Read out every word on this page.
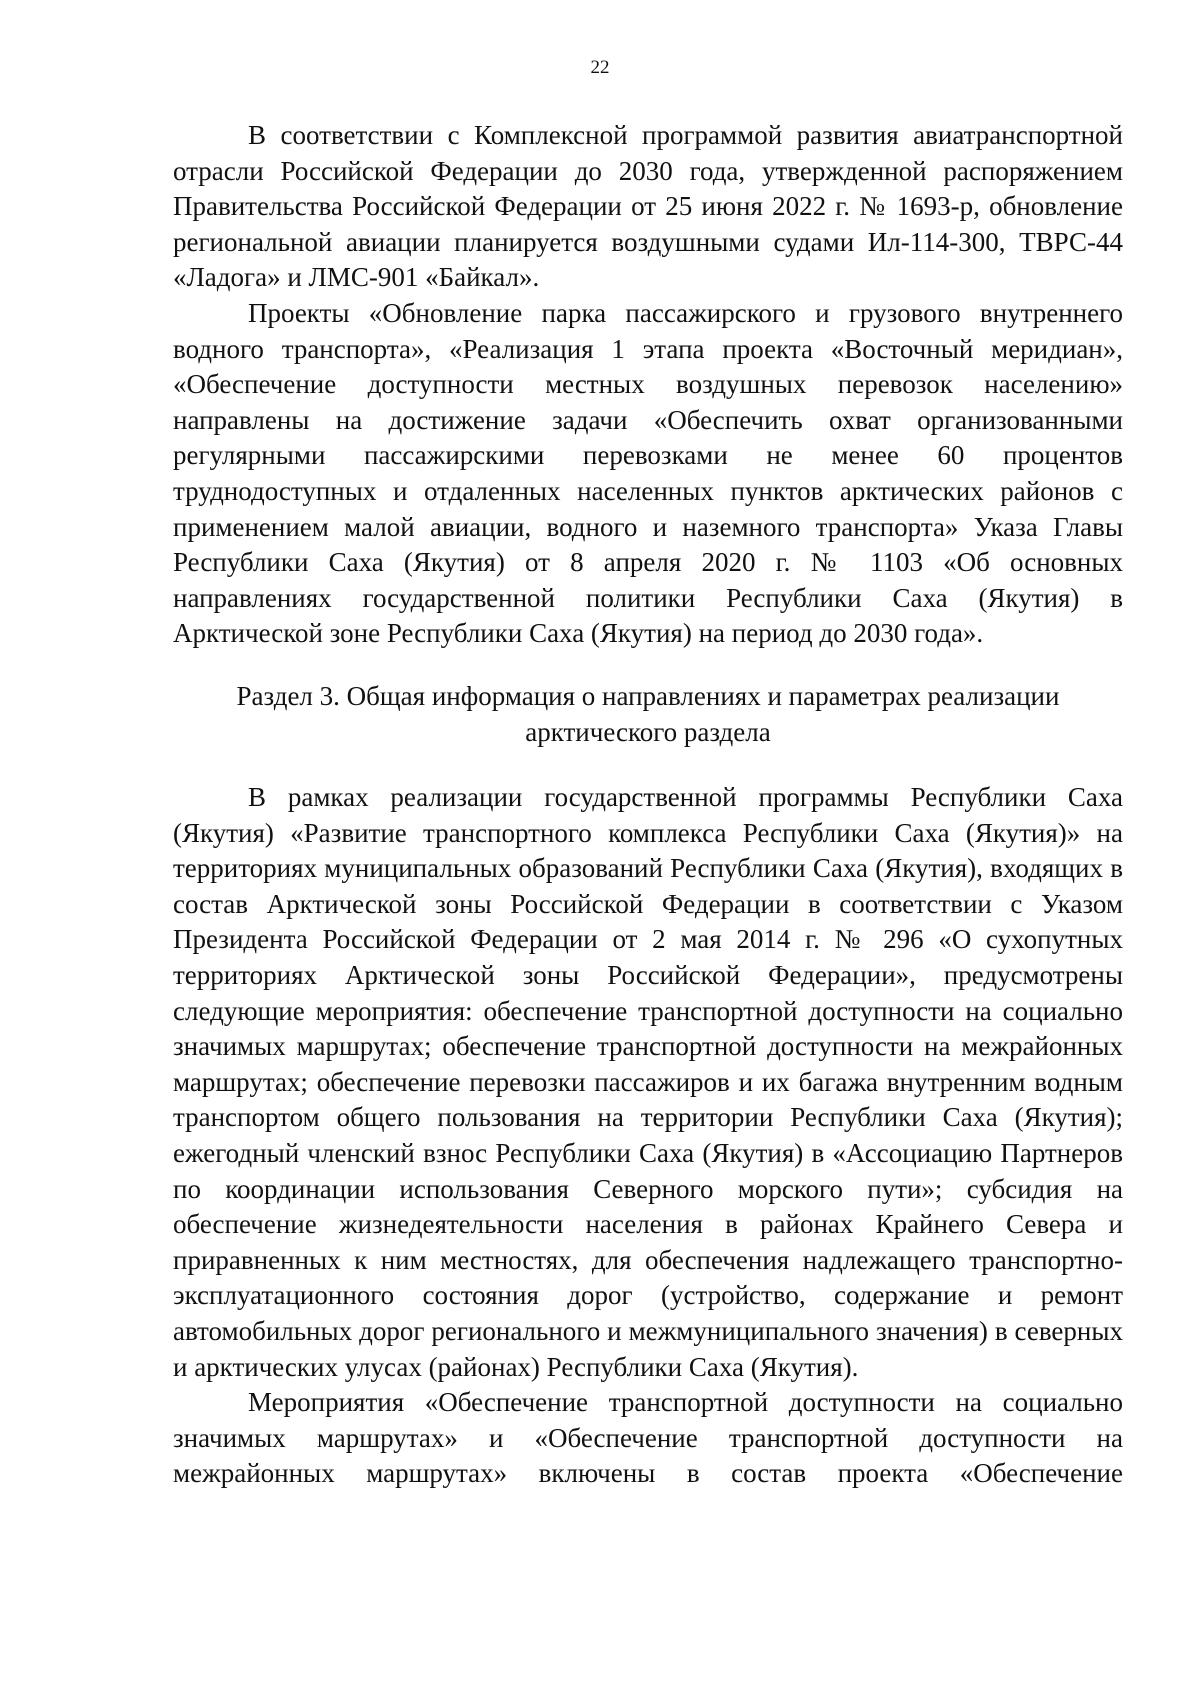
22

В соответствии с Комплексной программой развития авиатранспортной отрасли Российской Федерации до 2030 года, утвержденной распоряжением Правительства Российской Федерации от 25 июня 2022 г. № 1693-р, обновление региональной авиации планируется воздушными судами Ил-114-300, ТВРС-44 «Ладога» и ЛМС-901 «Байкал».

Проекты «Обновление парка пассажирского и грузового внутреннего водного транспорта», «Реализация 1 этапа проекта «Восточный меридиан», «Обеспечение доступности местных воздушных перевозок населению» направлены на достижение задачи «Обеспечить охват организованными регулярными пассажирскими перевозками не менее 60 процентов труднодоступных и отдаленных населенных пунктов арктических районов с применением малой авиации, водного и наземного транспорта» Указа Главы Республики Саха (Якутия) от 8 апреля 2020 г. № 1103 «Об основных направлениях государственной политики Республики Саха (Якутия) в Арктической зоне Республики Саха (Якутия) на период до 2030 года».

Раздел 3. Общая информация о направлениях и параметрах реализации
арктического раздела

В рамках реализации государственной программы Республики Саха (Якутия) «Развитие транспортного комплекса Республики Саха (Якутия)» на территориях муниципальных образований Республики Саха (Якутия), входящих в состав Арктической зоны Российской Федерации в соответствии с Указом Президента Российской Федерации от 2 мая 2014 г. № 296 «О сухопутных территориях Арктической зоны Российской Федерации», предусмотрены следующие мероприятия: обеспечение транспортной доступности на социально значимых маршрутах; обеспечение транспортной доступности на межрайонных маршрутах; обеспечение перевозки пассажиров и их багажа внутренним водным транспортом общего пользования на территории Республики Саха (Якутия); ежегодный членский взнос Республики Саха (Якутия) в «Ассоциацию Партнеров по координации использования Северного морского пути»; субсидия на обеспечение жизнедеятельности населения в районах Крайнего Севера и приравненных к ним местностях, для обеспечения надлежащего транспортно-эксплуатационного состояния дорог (устройство, содержание и ремонт автомобильных дорог регионального и межмуниципального значения) в северных и арктических улусах (районах) Республики Саха (Якутия).

Мероприятия «Обеспечение транспортной доступности на социально значимых маршрутах» и «Обеспечение транспортной доступности на межрайонных маршрутах» включены в состав проекта «Обеспечение
